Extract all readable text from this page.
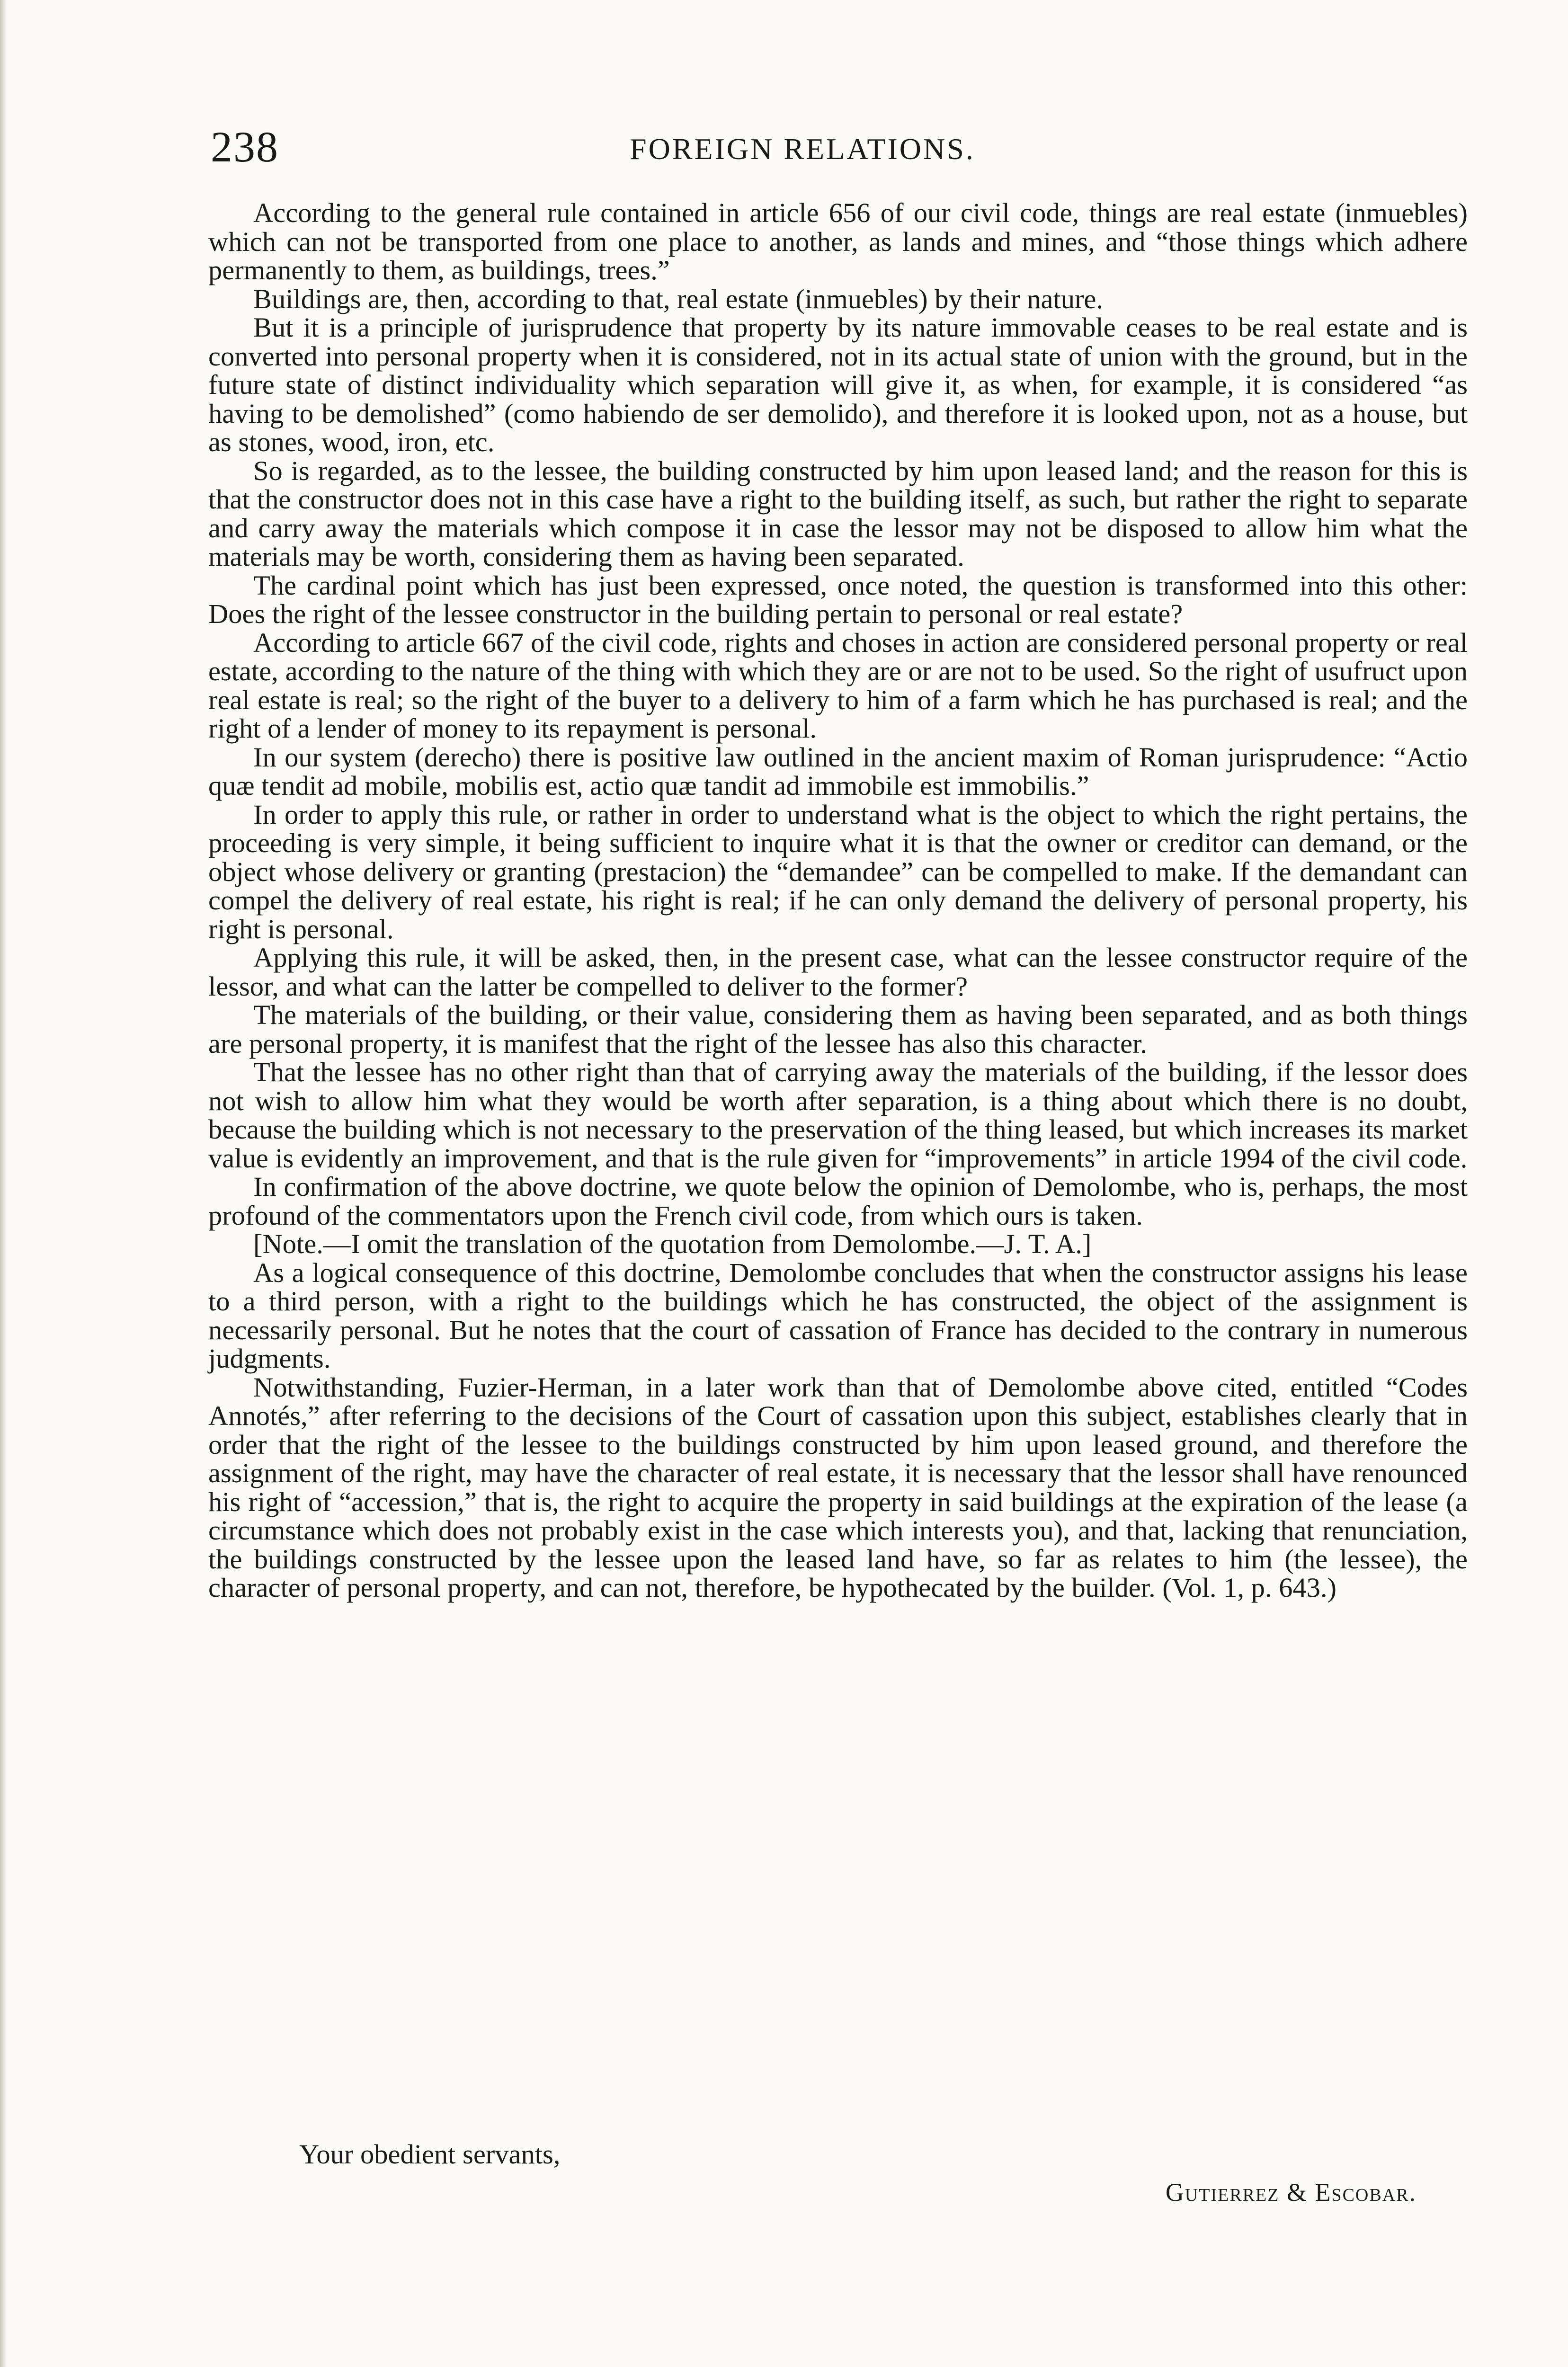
238	FOREIGN RELATIONS.

According to the general rule contained in article 656 of our civil code, things are real estate (inmuebles) which can not be transported from one place to another, as lands and mines, and “those things which adhere permanently to them, as buildings, trees.”

Buildings are, then, according to that, real estate (inmuebles) by their nature.

But it is a principle of jurisprudence that property by its nature immovable ceases to be real estate and is converted into personal property when it is considered, not in its actual state of union with the ground, but in the future state of distinct individuality which separation will give it, as when, for example, it is considered “as having to be demolished” (como habiendo de ser demolido), and therefore it is looked upon, not as a house, but as stones, wood, iron, etc.

So is regarded, as to the lessee, the building constructed by him upon leased land; and the reason for this is that the constructor does not in this case have a right to the building itself, as such, but rather the right to separate and carry away the materials which compose it in case the lessor may not be disposed to allow him what the materials may be worth, considering them as having been separated.

The cardinal point which has just been expressed, once noted, the question is transformed into this other: Does the right of the lessee constructor in the building pertain to personal or real estate?

According to article 667 of the civil code, rights and choses in action are considered personal property or real estate, according to the nature of the thing with which they are or are not to be used. So the right of usufruct upon real estate is real; so the right of the buyer to a delivery to him of a farm which he has purchased is real; and the right of a lender of money to its repayment is personal.

In our system (derecho) there is positive law outlined in the ancient maxim of Roman jurisprudence: “Actio quæ tendit ad mobile, mobilis est, actio quæ tandit ad immobile est immobilis.”

In order to apply this rule, or rather in order to understand what is the object to which the right pertains, the proceeding is very simple, it being sufficient to inquire what it is that the owner or creditor can demand, or the object whose delivery or granting (prestacion) the “demandee” can be compelled to make. If the demandant can compel the delivery of real estate, his right is real; if he can only demand the delivery of personal property, his right is personal.

Applying this rule, it will be asked, then, in the present case, what can the lessee constructor require of the lessor, and what can the latter be compelled to deliver to the former?

The materials of the building, or their value, considering them as having been separated, and as both things are personal property, it is manifest that the right of the lessee has also this character.

That the lessee has no other right than that of carrying away the materials of the building, if the lessor does not wish to allow him what they would be worth after separation, is a thing about which there is no doubt, because the building which is not necessary to the preservation of the thing leased, but which increases its market value is evidently an improvement, and that is the rule given for “improvements” in article 1994 of the civil code.

In confirmation of the above doctrine, we quote below the opinion of Demolombe, who is, perhaps, the most profound of the commentators upon the French civil code, from which ours is taken.

[Note.—I omit the translation of the quotation from Demolombe.—J. T. A.]

As a logical consequence of this doctrine, Demolombe concludes that when the constructor assigns his lease to a third person, with a right to the buildings which he has constructed, the object of the assignment is necessarily personal. But he notes that the court of cassation of France has decided to the contrary in numerous judgments.

Notwithstanding, Fuzier-Herman, in a later work than that of Demolombe above cited, entitled “Codes Annotés,” after referring to the decisions of the Court of cassation upon this subject, establishes clearly that in order that the right of the lessee to the buildings constructed by him upon leased ground, and therefore the assignment of the right, may have the character of real estate, it is necessary that the lessor shall have renounced his right of “accession,” that is, the right to acquire the property in said buildings at the expiration of the lease (a circumstance which does not probably exist in the case which interests you), and that, lacking that renunciation, the buildings constructed by the lessee upon the leased land have, so far as relates to him (the lessee), the character of personal property, and can not, therefore, be hypothecated by the builder. (Vol. 1, p. 643.)

Your obedient servants,
Gutierrez & Escobar.
